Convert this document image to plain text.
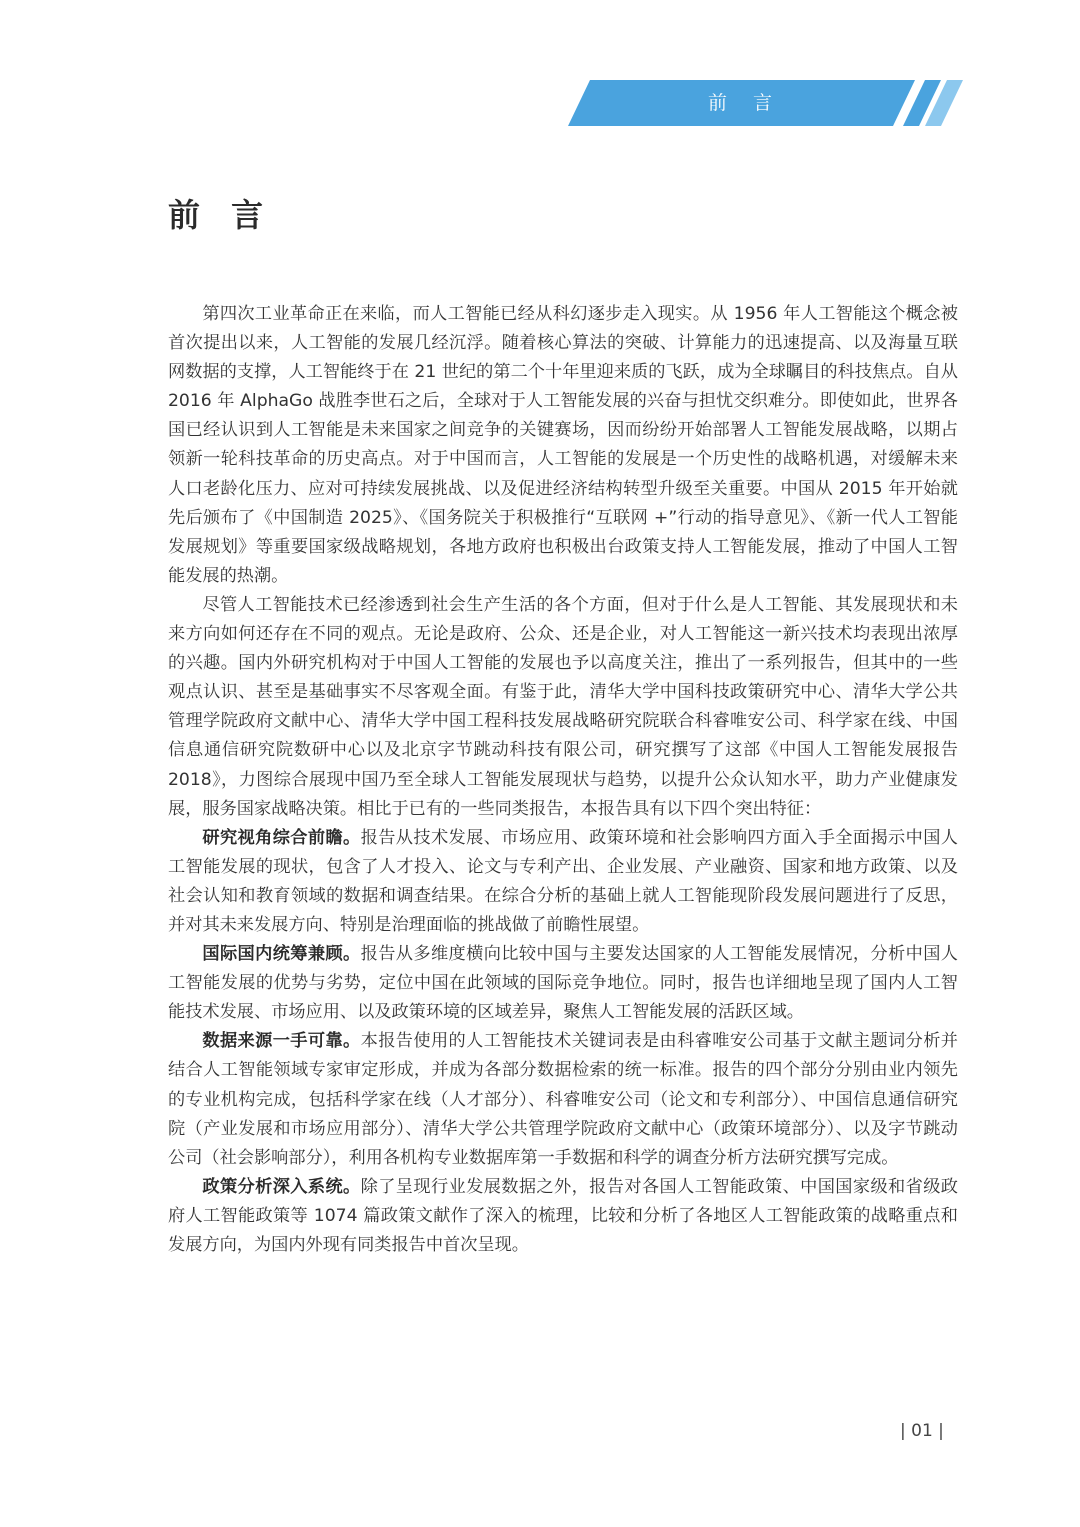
前 言
前 言

第四次工业革命正在来临，而人工智能已经从科幻逐步走入现实。从 1956 年人工智能这个概念被首次提出以来，人工智能的发展几经沉浮。随着核心算法的突破、计算能力的迅速提高、以及海量互联网数据的支撑，人工智能终于在 21 世纪的第二个十年里迎来质的飞跃，成为全球瞩目的科技焦点。自从 2016 年 AlphaGo 战胜李世石之后，全球对于人工智能发展的兴奋与担忧交织难分。即使如此，世界各国已经认识到人工智能是未来国家之间竞争的关键赛场，因而纷纷开始部署人工智能发展战略，以期占领新一轮科技革命的历史高点。对于中国而言，人工智能的发展是一个历史性的战略机遇，对缓解未来人口老龄化压力、应对可持续发展挑战、以及促进经济结构转型升级至关重要。中国从 2015 年开始就先后颁布了《中国制造 2025》、《国务院关于积极推行“互联网 +”行动的指导意见》、《新一代人工智能发展规划》等重要国家级战略规划，各地方政府也积极出台政策支持人工智能发展，推动了中国人工智能发展的热潮。

尽管人工智能技术已经渗透到社会生产生活的各个方面，但对于什么是人工智能、其发展现状和未来方向如何还存在不同的观点。无论是政府、公众、还是企业，对人工智能这一新兴技术均表现出浓厚的兴趣。国内外研究机构对于中国人工智能的发展也予以高度关注，推出了一系列报告，但其中的一些观点认识、甚至是基础事实不尽客观全面。有鉴于此，清华大学中国科技政策研究中心、清华大学公共管理学院政府文献中心、清华大学中国工程科技发展战略研究院联合科睿唯安公司、科学家在线、中国信息通信研究院数研中心以及北京字节跳动科技有限公司，研究撰写了这部《中国人工智能发展报告 2018》，力图综合展现中国乃至全球人工智能发展现状与趋势，以提升公众认知水平，助力产业健康发展，服务国家战略决策。相比于已有的一些同类报告，本报告具有以下四个突出特征：

研究视角综合前瞻。报告从技术发展、市场应用、政策环境和社会影响四方面入手全面揭示中国人工智能发展的现状，包含了人才投入、论文与专利产出、企业发展、产业融资、国家和地方政策、以及社会认知和教育领域的数据和调查结果。在综合分析的基础上就人工智能现阶段发展问题进行了反思，并对其未来发展方向、特别是治理面临的挑战做了前瞻性展望。

国际国内统筹兼顾。报告从多维度横向比较中国与主要发达国家的人工智能发展情况，分析中国人工智能发展的优势与劣势，定位中国在此领域的国际竞争地位。同时，报告也详细地呈现了国内人工智能技术发展、市场应用、以及政策环境的区域差异，聚焦人工智能发展的活跃区域。

数据来源一手可靠。本报告使用的人工智能技术关键词表是由科睿唯安公司基于文献主题词分析并结合人工智能领域专家审定形成，并成为各部分数据检索的统一标准。报告的四个部分分别由业内领先的专业机构完成，包括科学家在线（人才部分）、科睿唯安公司（论文和专利部分）、中国信息通信研究院（产业发展和市场应用部分）、清华大学公共管理学院政府文献中心（政策环境部分）、以及字节跳动公司（社会影响部分），利用各机构专业数据库第一手数据和科学的调查分析方法研究撰写完成。

政策分析深入系统。除了呈现行业发展数据之外，报告对各国人工智能政策、中国国家级和省级政府人工智能政策等 1074 篇政策文献作了深入的梳理，比较和分析了各地区人工智能政策的战略重点和发展方向，为国内外现有同类报告中首次呈现。

| 01 |
